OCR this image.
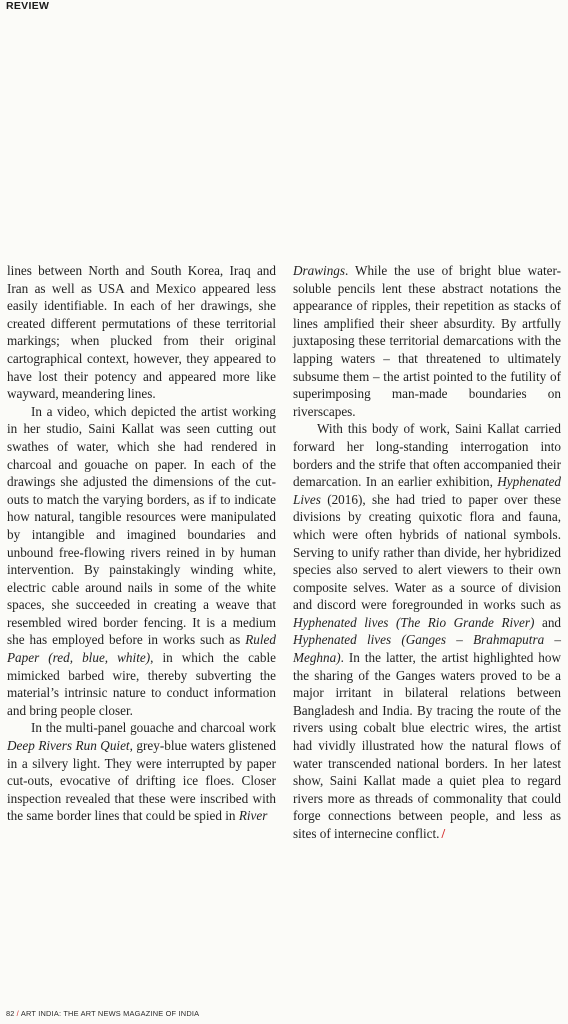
REVIEW

lines between North and South Korea, Iraq and Iran as well as USA and Mexico appeared less easily identifiable. In each of her drawings, she created different permutations of these territorial markings; when plucked from their original cartographical context, however, they appeared to have lost their potency and appeared more like wayward, meandering lines.

In a video, which depicted the artist working in her studio, Saini Kallat was seen cutting out swathes of water, which she had rendered in charcoal and gouache on paper. In each of the drawings she adjusted the dimensions of the cut-outs to match the varying borders, as if to indicate how natural, tangible resources were manipulated by intangible and imagined boundaries and unbound free-flowing rivers reined in by human intervention. By painstakingly winding white, electric cable around nails in some of the white spaces, she succeeded in creating a weave that resembled wired border fencing. It is a medium she has employed before in works such as Ruled Paper (red, blue, white), in which the cable mimicked barbed wire, thereby subverting the material’s intrinsic nature to conduct information and bring people closer.

In the multi-panel gouache and charcoal work Deep Rivers Run Quiet, grey-blue waters glistened in a silvery light. They were interrupted by paper cut-outs, evocative of drifting ice floes. Closer inspection revealed that these were inscribed with the same border lines that could be spied in River

Drawings. While the use of bright blue water-soluble pencils lent these abstract notations the appearance of ripples, their repetition as stacks of lines amplified their sheer absurdity. By artfully juxtaposing these territorial demarcations with the lapping waters – that threatened to ultimately subsume them – the artist pointed to the futility of superimposing man-made boundaries on riverscapes.

With this body of work, Saini Kallat carried forward her long-standing interrogation into borders and the strife that often accompanied their demarcation. In an earlier exhibition, Hyphenated Lives (2016), she had tried to paper over these divisions by creating quixotic flora and fauna, which were often hybrids of national symbols. Serving to unify rather than divide, her hybridized species also served to alert viewers to their own composite selves. Water as a source of division and discord were foregrounded in works such as Hyphenated lives (The Rio Grande River) and Hyphenated lives (Ganges – Brahmaputra – Meghna). In the latter, the artist highlighted how the sharing of the Ganges waters proved to be a major irritant in bilateral relations between Bangladesh and India. By tracing the route of the rivers using cobalt blue electric wires, the artist had vividly illustrated how the natural flows of water transcended national borders. In her latest show, Saini Kallat made a quiet plea to regard rivers more as threads of commonality that could forge connections between people, and less as sites of internecine conflict. /

82 / ART INDIA: THE ART NEWS MAGAZINE OF INDIA
